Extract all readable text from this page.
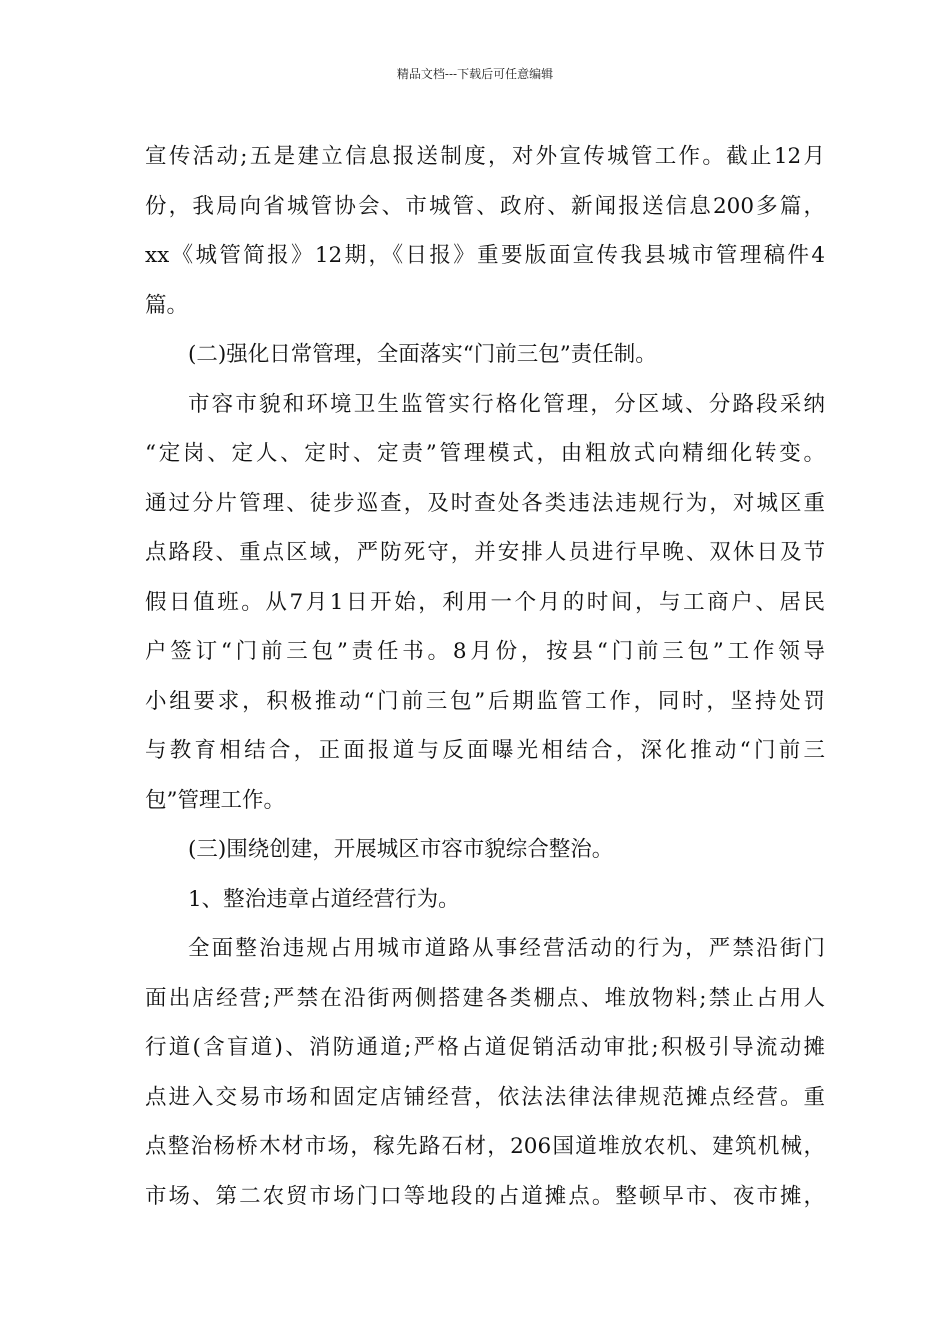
精品文档---下载后可任意编辑
宣传活动;五是建立信息报送制度，对外宣传城管工作。截止12月
份，我局向省城管协会、市城管、政府、新闻报送信息200多篇，
xx《城管简报》12期，《日报》重要版面宣传我县城市管理稿件4
篇。
(二)强化日常管理，全面落实“门前三包”责任制。
市容市貌和环境卫生监管实行格化管理，分区域、分路段采纳
“定岗、定人、定时、定责”管理模式，由粗放式向精细化转变。
通过分片管理、徒步巡查，及时查处各类违法违规行为，对城区重
点路段、重点区域，严防死守，并安排人员进行早晚、双休日及节
假日值班。从7月1日开始，利用一个月的时间，与工商户、居民
户签订“门前三包”责任书。8月份，按县“门前三包”工作领导
小组要求，积极推动“门前三包”后期监管工作，同时，坚持处罚
与教育相结合，正面报道与反面曝光相结合，深化推动“门前三
包”管理工作。
(三)围绕创建，开展城区市容市貌综合整治。
1、整治违章占道经营行为。
全面整治违规占用城市道路从事经营活动的行为，严禁沿街门
面出店经营;严禁在沿街两侧搭建各类棚点、堆放物料;禁止占用人
行道(含盲道)、消防通道;严格占道促销活动审批;积极引导流动摊
点进入交易市场和固定店铺经营，依法法律法律规范摊点经营。重
点整治杨桥木材市场，稼先路石材，206国道堆放农机、建筑机械，
市场、第二农贸市场门口等地段的占道摊点。整顿早市、夜市摊，
